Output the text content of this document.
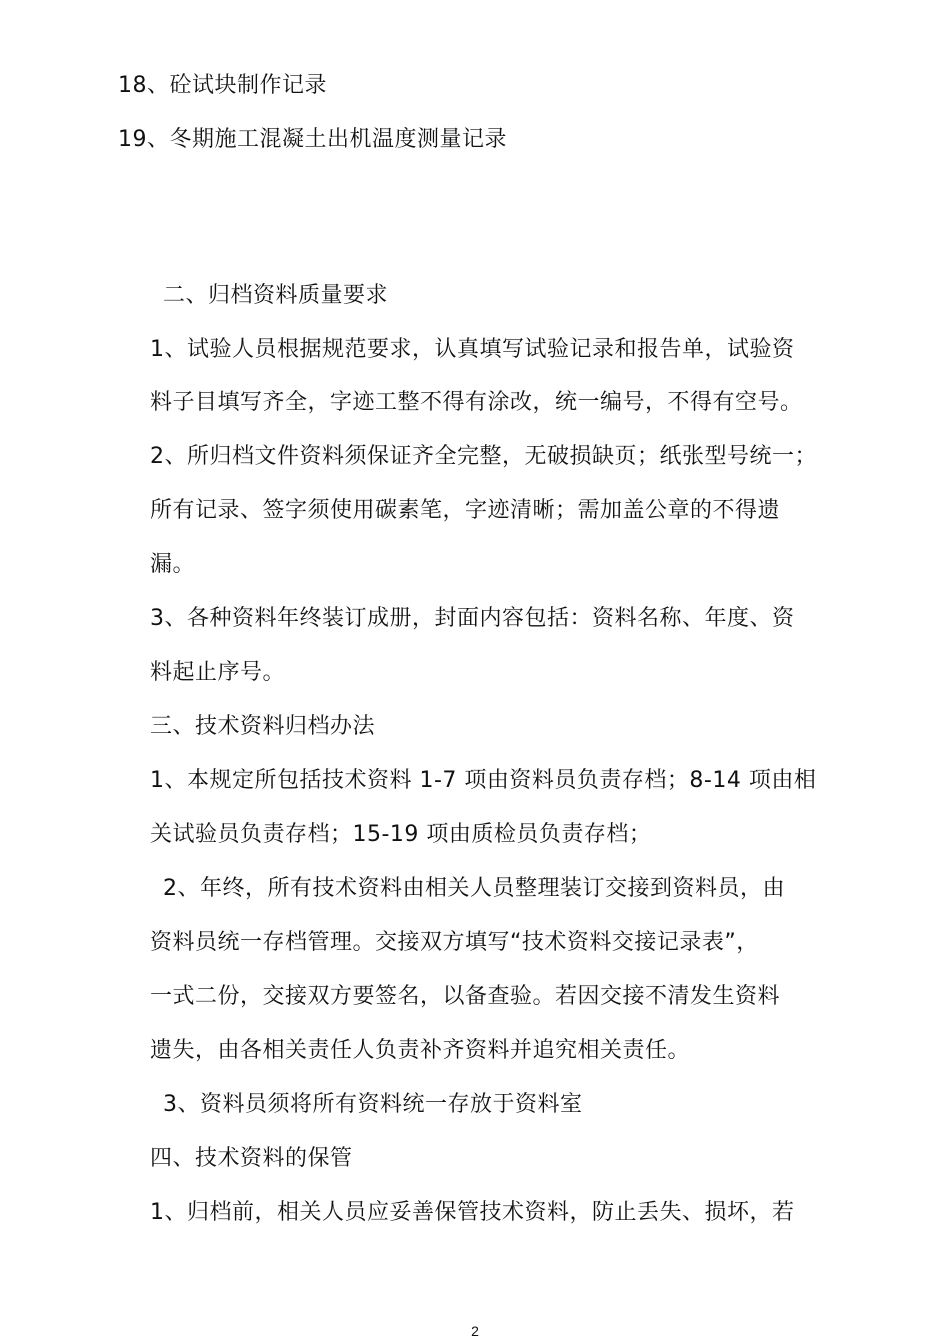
18、砼试块制作记录
19、冬期施工混凝土出机温度测量记录
二、归档资料质量要求
1、试验人员根据规范要求，认真填写试验记录和报告单，试验资
料子目填写齐全，字迹工整不得有涂改，统一编号，不得有空号。
2、所归档文件资料须保证齐全完整，无破损缺页；纸张型号统一；
所有记录、签字须使用碳素笔，字迹清晰；需加盖公章的不得遗
漏。
3、各种资料年终装订成册，封面内容包括：资料名称、年度、资
料起止序号。
三、技术资料归档办法
1、本规定所包括技术资料 1-7 项由资料员负责存档；8-14 项由相
关试验员负责存档；15-19 项由质检员负责存档；
2、年终，所有技术资料由相关人员整理装订交接到资料员，由
资料员统一存档管理。交接双方填写“技术资料交接记录表”，
一式二份，交接双方要签名，以备查验。若因交接不清发生资料
遗失，由各相关责任人负责补齐资料并追究相关责任。
3、资料员须将所有资料统一存放于资料室
四、技术资料的保管
1、归档前，相关人员应妥善保管技术资料，防止丢失、损坏，若
2
